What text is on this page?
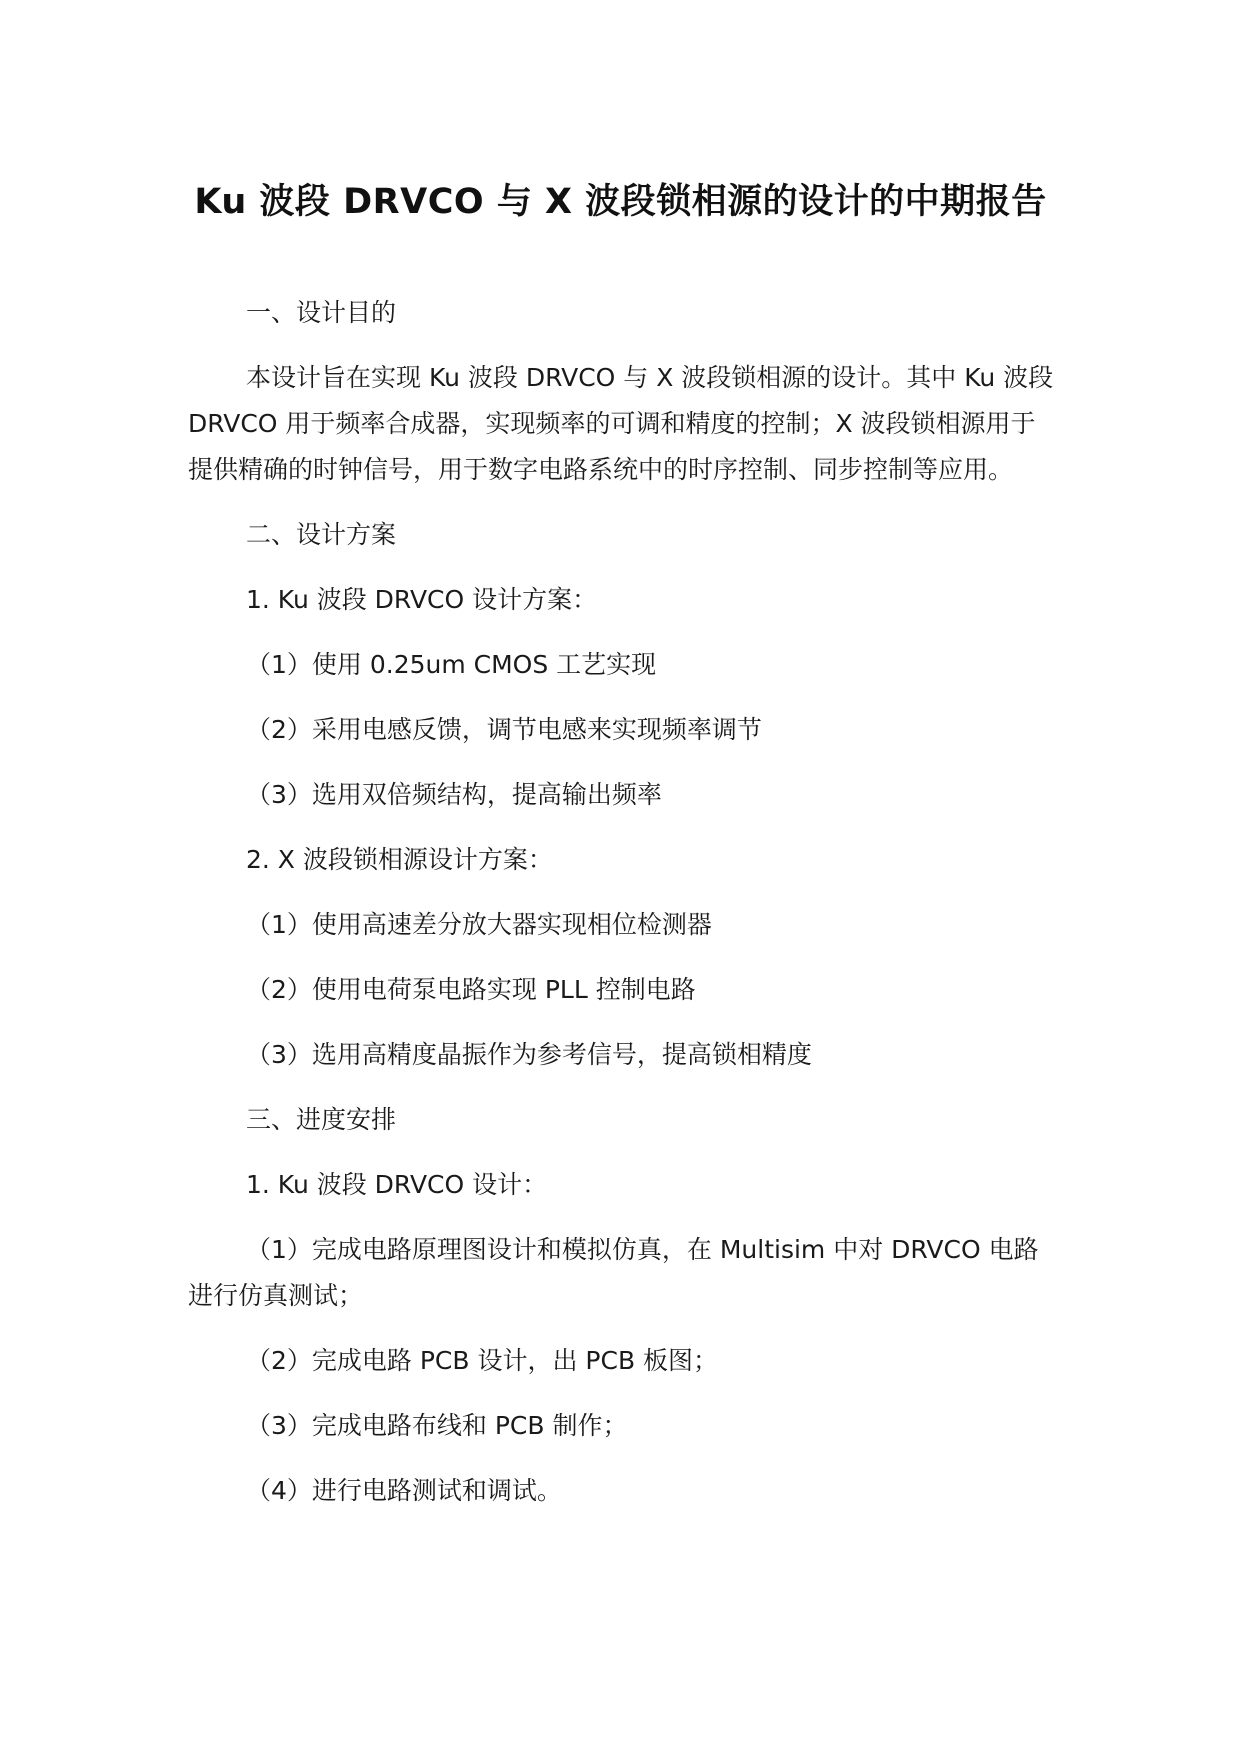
Ku 波段 DRVCO 与 X 波段锁相源的设计的中期报告

一、设计目的

本设计旨在实现 Ku 波段 DRVCO 与 X 波段锁相源的设计。其中 Ku 波段 DRVCO 用于频率合成器，实现频率的可调和精度的控制；X 波段锁相源用于提供精确的时钟信号，用于数字电路系统中的时序控制、同步控制等应用。

二、设计方案

1. Ku 波段 DRVCO 设计方案：

（1）使用 0.25um CMOS 工艺实现

（2）采用电感反馈，调节电感来实现频率调节

（3）选用双倍频结构，提高输出频率

2. X 波段锁相源设计方案：

（1）使用高速差分放大器实现相位检测器

（2）使用电荷泵电路实现 PLL 控制电路

（3）选用高精度晶振作为参考信号，提高锁相精度

三、进度安排

1. Ku 波段 DRVCO 设计：

（1）完成电路原理图设计和模拟仿真，在 Multisim 中对 DRVCO 电路进行仿真测试；

（2）完成电路 PCB 设计，出 PCB 板图；

（3）完成电路布线和 PCB 制作；

（4）进行电路测试和调试。
